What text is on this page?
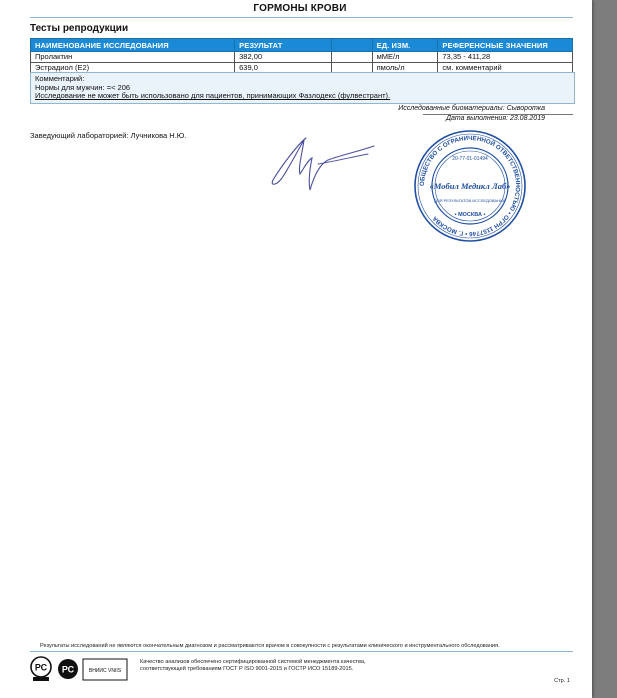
ГОРМОНЫ КРОВИ
Тесты репродукции
НАИМЕНОВАНИЕ ИССЛЕДОВАНИЯ	РЕЗУЛЬТАТ		ЕД. ИЗМ.	РЕФЕРЕНСНЫЕ ЗНАЧЕНИЯ
Пролактин	382,00		мМЕ/л	73,35 - 411,28
Эстрадиол (E2)	639,0		пмоль/л	см. комментарий
Комментарий:
Нормы для мужчин: =< 206
Исследование не может быть использовано для пациентов, принимающих Фазлодекс (фулвестрант).
Исследованные биоматериалы: Сыворотка
Дата выполнения: 23.08.2019
Заведующий лабораторией: Лучникова Н.Ю.
ОБЩЕСТВО С ОГРАНИЧЕННОЙ ОТВЕТСТВЕННОСТЬЮ • ОГРН 1157746 • Г. МОСКВА
20-77-01-01494
«Мобил Медикл Лаб»
ДЛЯ РЕЗУЛЬТАТОВ ИССЛЕДОВАНИЙ
• МОСКВА •
Результаты исследований не являются окончательным диагнозом и рассматриваются врачом в совокупности с результатами клинического и инструментального обследования.
РС РС	ВНИИС VNIIS
Качество анализов обеспечено сертифицированной системой менеджмента качества,
соответствующей требованиям ГОСТ Р ISO 9001-2015 и ГОСТР ИСО 15189-2015.
Стр. 1
